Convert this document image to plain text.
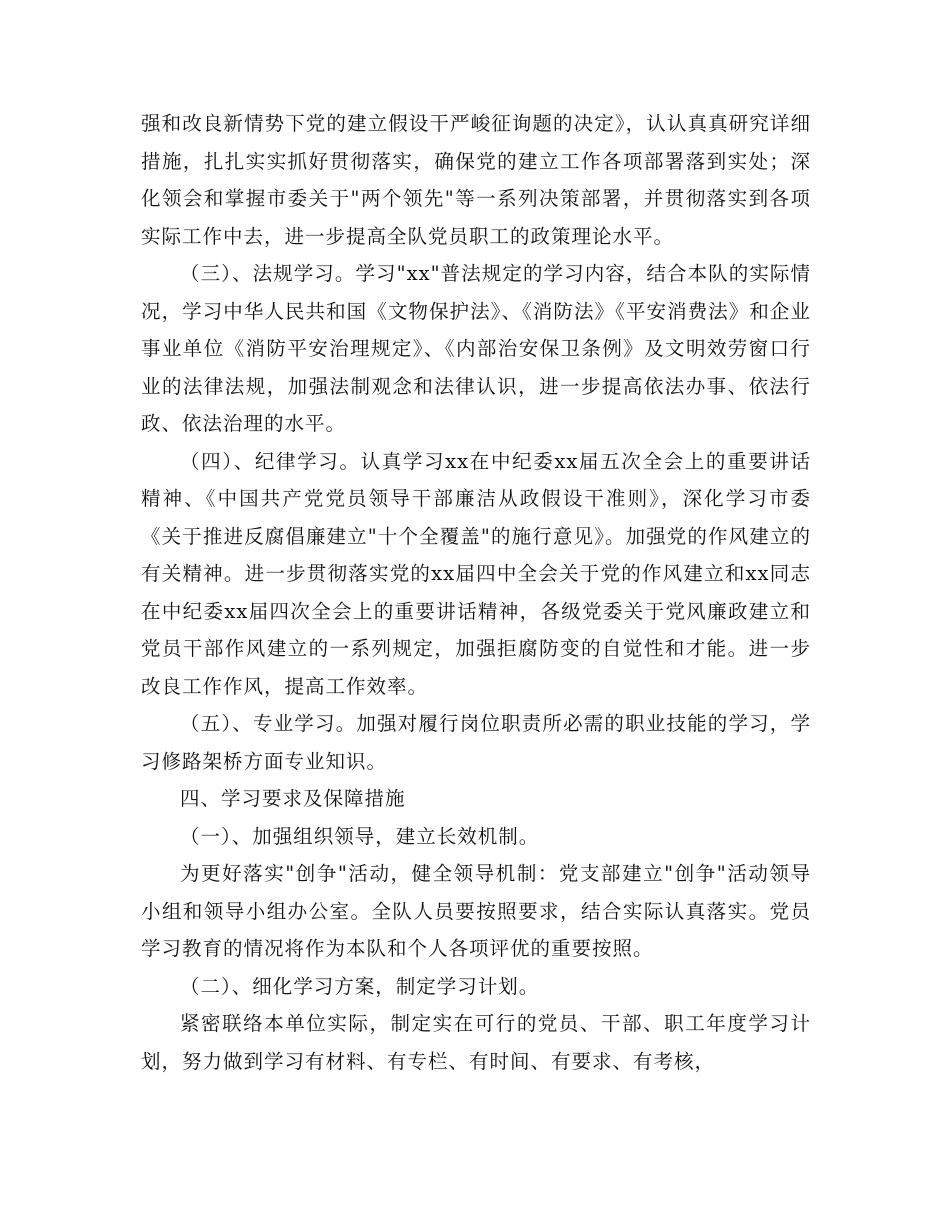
强和改良新情势下党的建立假设干严峻征询题的决定》，认认真真研究详细措施，扎扎实实抓好贯彻落实，确保党的建立工作各项部署落到实处；深化领会和掌握市委关于"两个领先"等一系列决策部署，并贯彻落实到各项实际工作中去，进一步提高全队党员职工的政策理论水平。

（三）、法规学习。学习"xx"普法规定的学习内容，结合本队的实际情况，学习中华人民共和国《文物保护法》、《消防法》《平安消费法》和企业事业单位《消防平安治理规定》、《内部治安保卫条例》及文明效劳窗口行业的法律法规，加强法制观念和法律认识，进一步提高依法办事、依法行政、依法治理的水平。

（四）、纪律学习。认真学习xx在中纪委xx届五次全会上的重要讲话精神、《中国共产党党员领导干部廉洁从政假设干准则》，深化学习市委《关于推进反腐倡廉建立"十个全覆盖"的施行意见》。加强党的作风建立的有关精神。进一步贯彻落实党的xx届四中全会关于党的作风建立和xx同志在中纪委xx届四次全会上的重要讲话精神，各级党委关于党风廉政建立和党员干部作风建立的一系列规定，加强拒腐防变的自觉性和才能。进一步改良工作作风，提高工作效率。

（五）、专业学习。加强对履行岗位职责所必需的职业技能的学习，学习修路架桥方面专业知识。

四、学习要求及保障措施

（一）、加强组织领导，建立长效机制。

为更好落实"创争"活动，健全领导机制：党支部建立"创争"活动领导小组和领导小组办公室。全队人员要按照要求，结合实际认真落实。党员学习教育的情况将作为本队和个人各项评优的重要按照。

（二）、细化学习方案，制定学习计划。

紧密联络本单位实际，制定实在可行的党员、干部、职工年度学习计划，努力做到学习有材料、有专栏、有时间、有要求、有考核，
